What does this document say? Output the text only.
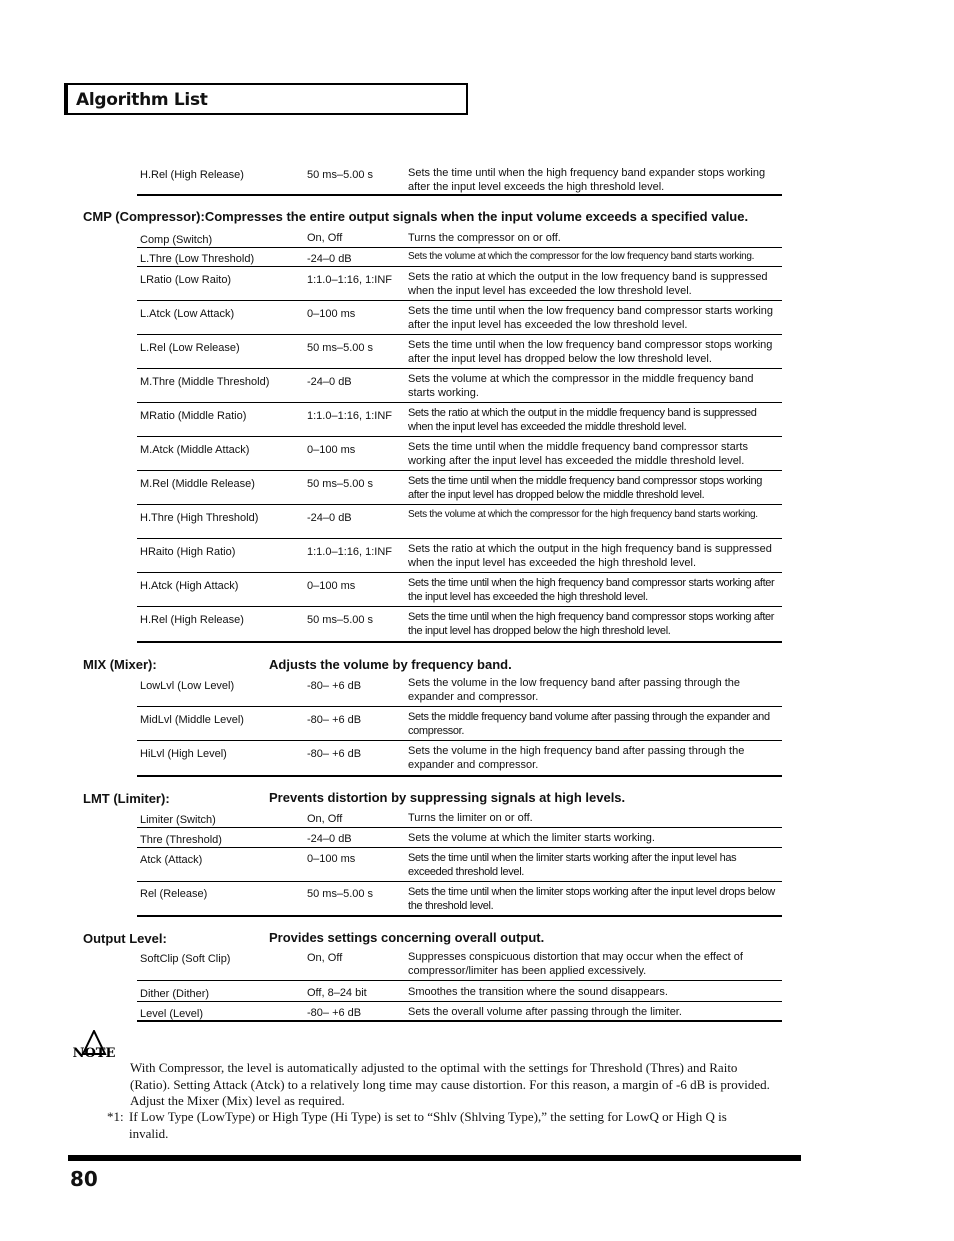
Algorithm List
H.Rel (High Release)	50 ms–5.00 s	Sets the time until when the high frequency band expander stops working after the input level exceeds the high threshold level.
CMP (Compressor):Compresses the entire output signals when the input volume exceeds a specified value.
Comp (Switch)	On, Off	Turns the compressor on or off.
L.Thre (Low Threshold)	-24–0 dB	Sets the volume at which the compressor for the low frequency band starts working.
LRatio (Low Raito)	1:1.0–1:16, 1:INF Sets the ratio at which the output in the low frequency band is suppressed when the input level has exceeded the low threshold level.
L.Atck (Low Attack)	0–100 ms	Sets the time until when the low frequency band compressor starts working after the input level has exceeded the low threshold level.
L.Rel (Low Release)	50 ms–5.00 s	Sets the time until when the low frequency band compressor stops working after the input level has dropped below the low threshold level.
M.Thre (Middle Threshold)	-24–0 dB	Sets the volume at which the compressor in the middle frequency band starts working.
MRatio (Middle Ratio)	1:1.0–1:16, 1:INF Sets the ratio at which the output in the middle frequency band is suppressed when the input level has exceeded the middle threshold level.
M.Atck (Middle Attack)	0–100 ms	Sets the time until when the middle frequency band compressor starts working after the input level has exceeded the middle threshold level.
M.Rel (Middle Release)	50 ms–5.00 s	Sets the time until when the middle frequency band compressor stops working after the input level has dropped below the middle threshold level.
H.Thre (High Threshold)	-24–0 dB	Sets the volume at which the compressor for the high frequency band starts working.
HRaito (High Ratio)	1:1.0–1:16, 1:INF Sets the ratio at which the output in the high frequency band is suppressed when the input level has exceeded the high threshold level.
H.Atck (High Attack)	0–100 ms	Sets the time until when the high frequency band compressor starts working after the input level has exceeded the high threshold level.
H.Rel (High Release)	50 ms–5.00 s	Sets the time until when the high frequency band compressor stops working after the input level has dropped below the high threshold level.
MIX (Mixer):	Adjusts the volume by frequency band.
LowLvl (Low Level)	-80– +6 dB	Sets the volume in the low frequency band after passing through the expander and compressor.
MidLvl (Middle Level)	-80– +6 dB	Sets the middle frequency band volume after passing through the expander and compressor.
HiLvl (High Level)	-80– +6 dB	Sets the volume in the high frequency band after passing through the expander and compressor.
LMT (Limiter):	Prevents distortion by suppressing signals at high levels.
Limiter (Switch)	On, Off	Turns the limiter on or off.
Thre (Threshold)	-24–0 dB	Sets the volume at which the limiter starts working.
Atck (Attack)	0–100 ms	Sets the time until when the limiter starts working after the input level has exceeded threshold level.
Rel (Release)	50 ms–5.00 s	Sets the time until when the limiter stops working after the input level drops below the threshold level.
Output Level:	Provides settings concerning overall output.
SoftClip (Soft Clip)	On, Off	Suppresses conspicuous distortion that may occur when the effect of compressor/limiter has been applied excessively.
Dither (Dither)	Off, 8–24 bit	Smoothes the transition where the sound disappears.
Level (Level)	-80– +6 dB	Sets the overall volume after passing through the limiter.
NOTE
With Compressor, the level is automatically adjusted to the optimal with the settings for Threshold (Thres) and Raito (Ratio). Setting Attack (Atck) to a relatively long time may cause distortion. For this reason, a margin of -6 dB is provided. Adjust the Mixer (Mix) level as required.
*1: If Low Type (LowType) or High Type (Hi Type) is set to “Shlv (Shlving Type),” the setting for LowQ or High Q is invalid.
80
